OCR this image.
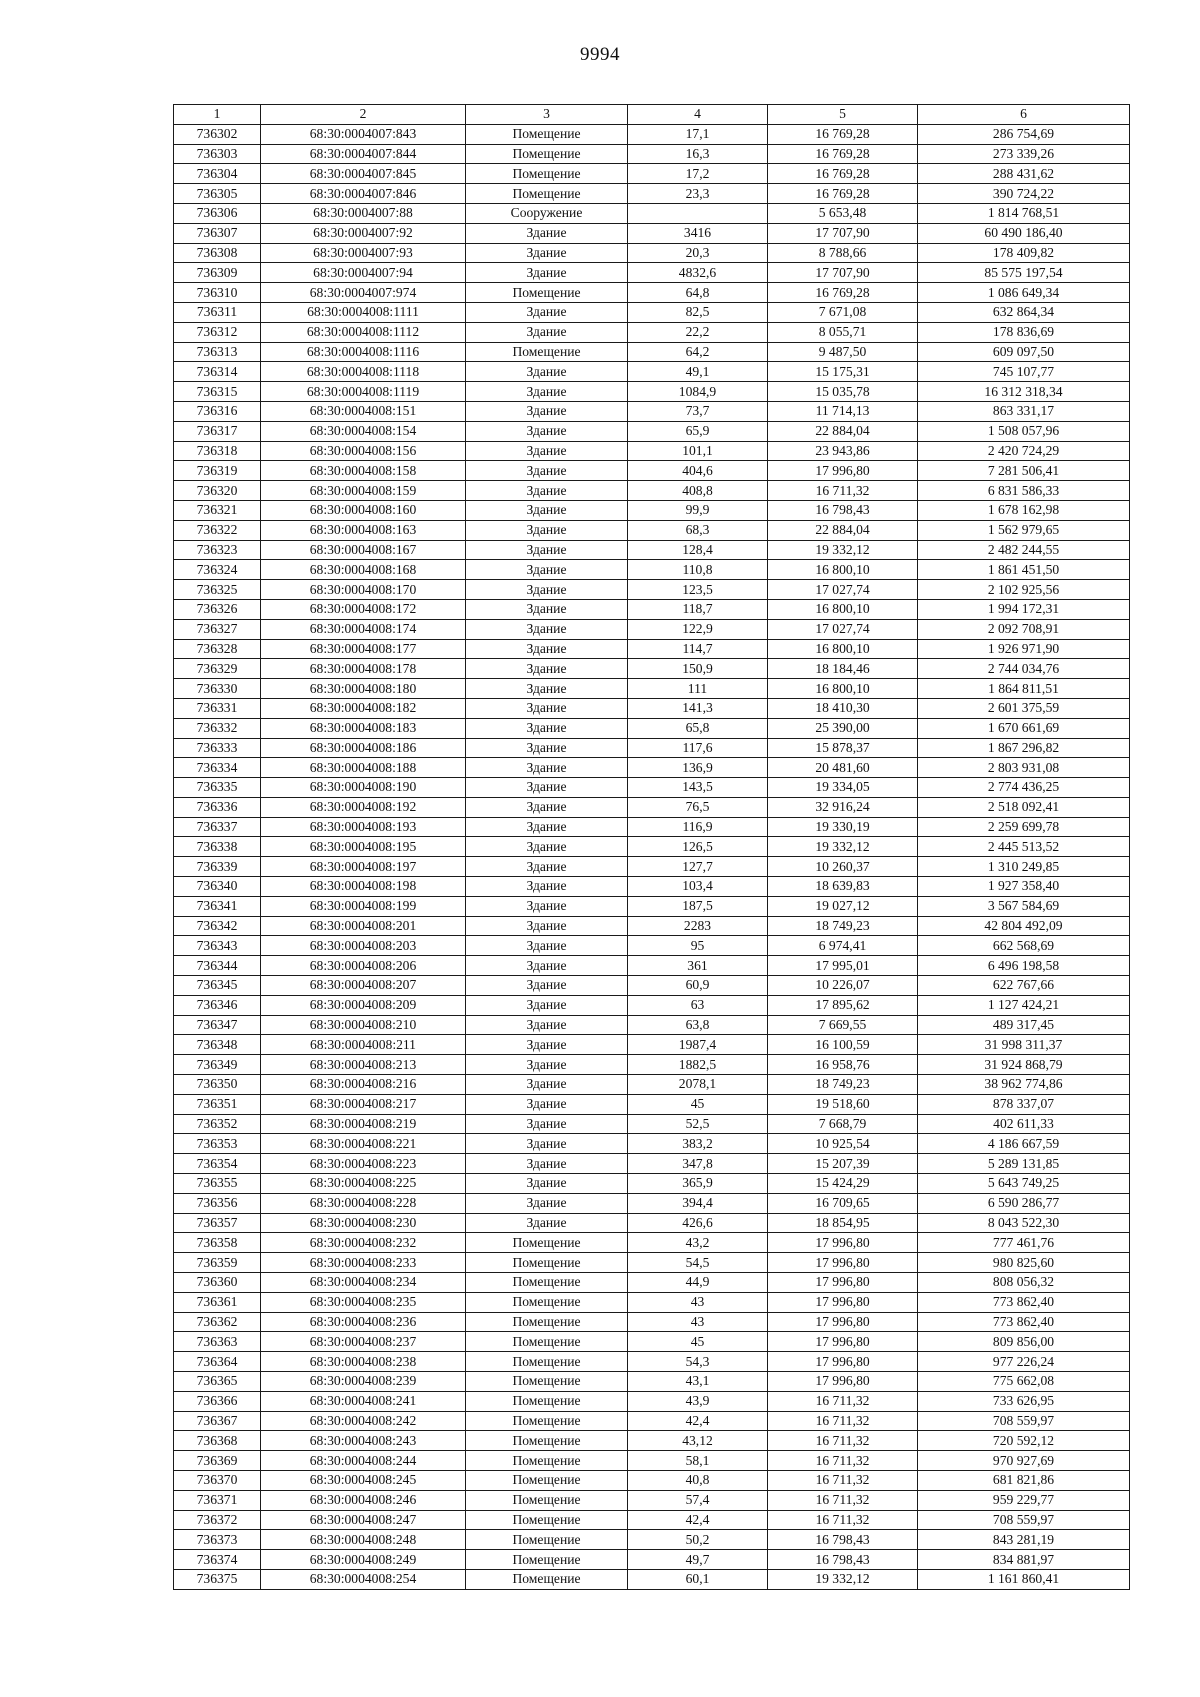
9994
1	2	3	4	5	6
736302	68:30:0004007:843	Помещение	17,1	16 769,28	286 754,69
736303	68:30:0004007:844	Помещение	16,3	16 769,28	273 339,26
736304	68:30:0004007:845	Помещение	17,2	16 769,28	288 431,62
736305	68:30:0004007:846	Помещение	23,3	16 769,28	390 724,22
736306	68:30:0004007:88	Сооружение		5 653,48	1 814 768,51
736307	68:30:0004007:92	Здание	3416	17 707,90	60 490 186,40
736308	68:30:0004007:93	Здание	20,3	8 788,66	178 409,82
736309	68:30:0004007:94	Здание	4832,6	17 707,90	85 575 197,54
736310	68:30:0004007:974	Помещение	64,8	16 769,28	1 086 649,34
736311	68:30:0004008:1111	Здание	82,5	7 671,08	632 864,34
736312	68:30:0004008:1112	Здание	22,2	8 055,71	178 836,69
736313	68:30:0004008:1116	Помещение	64,2	9 487,50	609 097,50
736314	68:30:0004008:1118	Здание	49,1	15 175,31	745 107,77
736315	68:30:0004008:1119	Здание	1084,9	15 035,78	16 312 318,34
736316	68:30:0004008:151	Здание	73,7	11 714,13	863 331,17
736317	68:30:0004008:154	Здание	65,9	22 884,04	1 508 057,96
736318	68:30:0004008:156	Здание	101,1	23 943,86	2 420 724,29
736319	68:30:0004008:158	Здание	404,6	17 996,80	7 281 506,41
736320	68:30:0004008:159	Здание	408,8	16 711,32	6 831 586,33
736321	68:30:0004008:160	Здание	99,9	16 798,43	1 678 162,98
736322	68:30:0004008:163	Здание	68,3	22 884,04	1 562 979,65
736323	68:30:0004008:167	Здание	128,4	19 332,12	2 482 244,55
736324	68:30:0004008:168	Здание	110,8	16 800,10	1 861 451,50
736325	68:30:0004008:170	Здание	123,5	17 027,74	2 102 925,56
736326	68:30:0004008:172	Здание	118,7	16 800,10	1 994 172,31
736327	68:30:0004008:174	Здание	122,9	17 027,74	2 092 708,91
736328	68:30:0004008:177	Здание	114,7	16 800,10	1 926 971,90
736329	68:30:0004008:178	Здание	150,9	18 184,46	2 744 034,76
736330	68:30:0004008:180	Здание	111	16 800,10	1 864 811,51
736331	68:30:0004008:182	Здание	141,3	18 410,30	2 601 375,59
736332	68:30:0004008:183	Здание	65,8	25 390,00	1 670 661,69
736333	68:30:0004008:186	Здание	117,6	15 878,37	1 867 296,82
736334	68:30:0004008:188	Здание	136,9	20 481,60	2 803 931,08
736335	68:30:0004008:190	Здание	143,5	19 334,05	2 774 436,25
736336	68:30:0004008:192	Здание	76,5	32 916,24	2 518 092,41
736337	68:30:0004008:193	Здание	116,9	19 330,19	2 259 699,78
736338	68:30:0004008:195	Здание	126,5	19 332,12	2 445 513,52
736339	68:30:0004008:197	Здание	127,7	10 260,37	1 310 249,85
736340	68:30:0004008:198	Здание	103,4	18 639,83	1 927 358,40
736341	68:30:0004008:199	Здание	187,5	19 027,12	3 567 584,69
736342	68:30:0004008:201	Здание	2283	18 749,23	42 804 492,09
736343	68:30:0004008:203	Здание	95	6 974,41	662 568,69
736344	68:30:0004008:206	Здание	361	17 995,01	6 496 198,58
736345	68:30:0004008:207	Здание	60,9	10 226,07	622 767,66
736346	68:30:0004008:209	Здание	63	17 895,62	1 127 424,21
736347	68:30:0004008:210	Здание	63,8	7 669,55	489 317,45
736348	68:30:0004008:211	Здание	1987,4	16 100,59	31 998 311,37
736349	68:30:0004008:213	Здание	1882,5	16 958,76	31 924 868,79
736350	68:30:0004008:216	Здание	2078,1	18 749,23	38 962 774,86
736351	68:30:0004008:217	Здание	45	19 518,60	878 337,07
736352	68:30:0004008:219	Здание	52,5	7 668,79	402 611,33
736353	68:30:0004008:221	Здание	383,2	10 925,54	4 186 667,59
736354	68:30:0004008:223	Здание	347,8	15 207,39	5 289 131,85
736355	68:30:0004008:225	Здание	365,9	15 424,29	5 643 749,25
736356	68:30:0004008:228	Здание	394,4	16 709,65	6 590 286,77
736357	68:30:0004008:230	Здание	426,6	18 854,95	8 043 522,30
736358	68:30:0004008:232	Помещение	43,2	17 996,80	777 461,76
736359	68:30:0004008:233	Помещение	54,5	17 996,80	980 825,60
736360	68:30:0004008:234	Помещение	44,9	17 996,80	808 056,32
736361	68:30:0004008:235	Помещение	43	17 996,80	773 862,40
736362	68:30:0004008:236	Помещение	43	17 996,80	773 862,40
736363	68:30:0004008:237	Помещение	45	17 996,80	809 856,00
736364	68:30:0004008:238	Помещение	54,3	17 996,80	977 226,24
736365	68:30:0004008:239	Помещение	43,1	17 996,80	775 662,08
736366	68:30:0004008:241	Помещение	43,9	16 711,32	733 626,95
736367	68:30:0004008:242	Помещение	42,4	16 711,32	708 559,97
736368	68:30:0004008:243	Помещение	43,12	16 711,32	720 592,12
736369	68:30:0004008:244	Помещение	58,1	16 711,32	970 927,69
736370	68:30:0004008:245	Помещение	40,8	16 711,32	681 821,86
736371	68:30:0004008:246	Помещение	57,4	16 711,32	959 229,77
736372	68:30:0004008:247	Помещение	42,4	16 711,32	708 559,97
736373	68:30:0004008:248	Помещение	50,2	16 798,43	843 281,19
736374	68:30:0004008:249	Помещение	49,7	16 798,43	834 881,97
736375	68:30:0004008:254	Помещение	60,1	19 332,12	1 161 860,41
